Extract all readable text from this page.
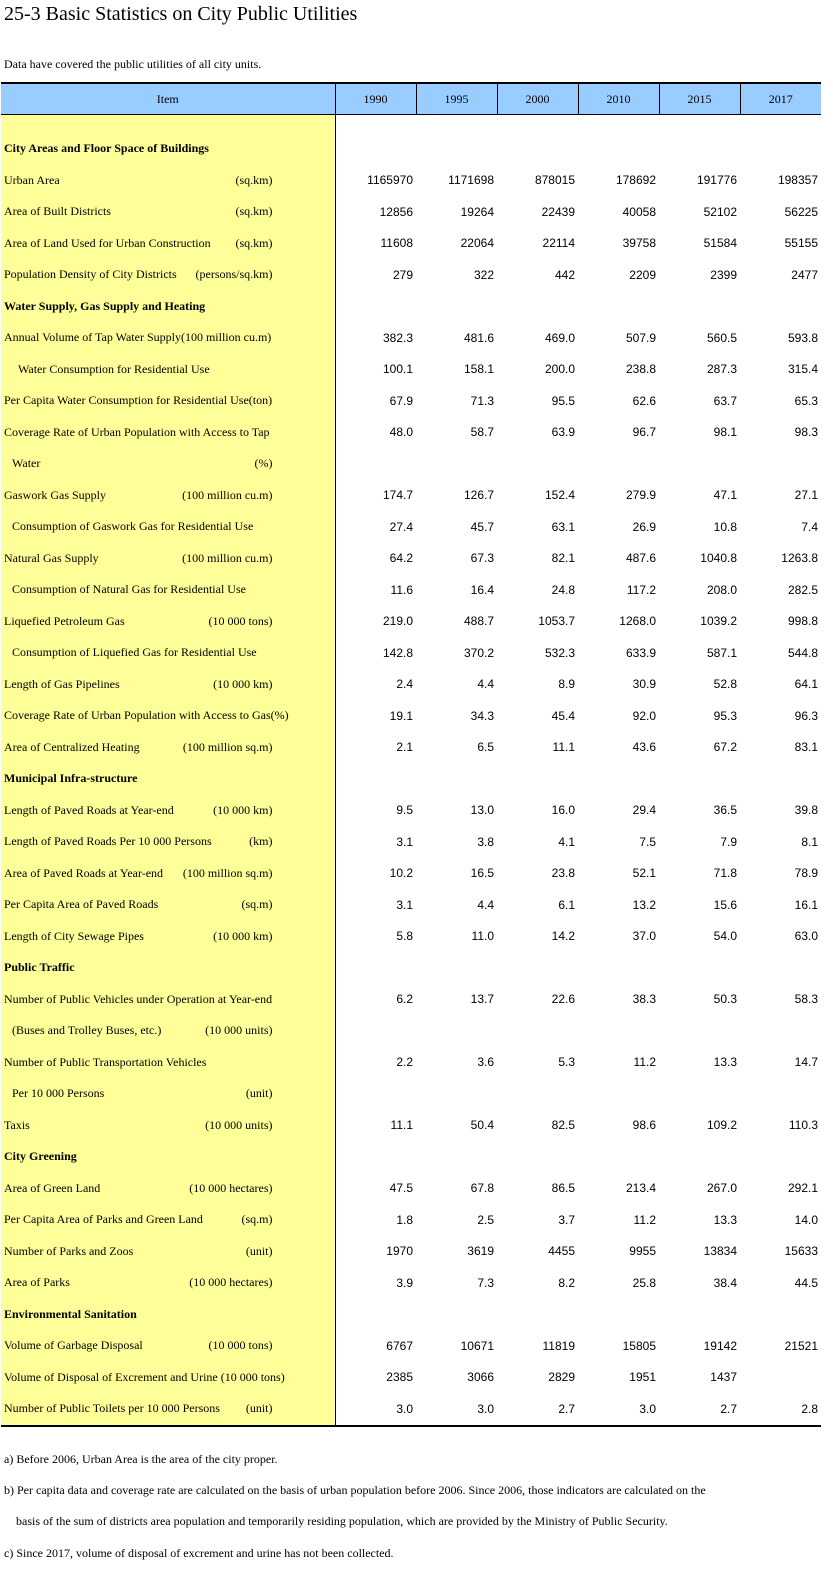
25-3 Basic Statistics on City Public Utilities
Data have covered the public utilities of all city units.
Item	1990	1995	2000	2010	2015	2017

City Areas and Floor Space of Buildings						

Urban Area (sq.km)	1165970	1171698	878015	178692	191776	198357

Area of Built Districts (sq.km)	12856	19264	22439	40058	52102	56225

Area of Land Used for Urban Construction (sq.km)	11608	22064	22114	39758	51584	55155

Population Density of City Districts (persons/sq.km)	279	322	442	2209	2399	2477
Water Supply, Gas Supply and Heating						

Annual Volume of Tap Water Supply(100 million cu.m)	382.3	481.6	469.0	507.9	560.5	593.8

Water Consumption for Residential Use	100.1	158.1	200.0	238.8	287.3	315.4

Per Capita Water Consumption for Residential Use(ton)	67.9	71.3	95.5	62.6	63.7	65.3

Coverage Rate of Urban Population with Access to Tap	48.0	58.7	63.9	96.7	98.1	98.3

Water (%)						

Gaswork Gas Supply (100 million cu.m)	174.7	126.7	152.4	279.9	47.1	27.1

Consumption of Gaswork Gas for Residential Use	27.4	45.7	63.1	26.9	10.8	7.4

Natural Gas Supply (100 million cu.m)	64.2	67.3	82.1	487.6	1040.8	1263.8

Consumption of Natural Gas for Residential Use	11.6	16.4	24.8	117.2	208.0	282.5

Liquefied Petroleum Gas (10 000 tons)	219.0	488.7	1053.7	1268.0	1039.2	998.8

Consumption of Liquefied Gas for Residential Use	142.8	370.2	532.3	633.9	587.1	544.8

Length of Gas Pipelines (10 000 km)	2.4	4.4	8.9	30.9	52.8	64.1

Coverage Rate of Urban Population with Access to Gas(%)	19.1	34.3	45.4	92.0	95.3	96.3

Area of Centralized Heating (100 million sq.m)	2.1	6.5	11.1	43.6	67.2	83.1
Municipal Infra-structure						

Length of Paved Roads at Year-end (10 000 km)	9.5	13.0	16.0	29.4	36.5	39.8

Length of Paved Roads Per 10 000 Persons (km)	3.1	3.8	4.1	7.5	7.9	8.1

Area of Paved Roads at Year-end (100 million sq.m)	10.2	16.5	23.8	52.1	71.8	78.9

Per Capita Area of Paved Roads (sq.m)	3.1	4.4	6.1	13.2	15.6	16.1

Length of City Sewage Pipes (10 000 km)	5.8	11.0	14.2	37.0	54.0	63.0
Public Traffic						

Number of Public Vehicles under Operation at Year-end	6.2	13.7	22.6	38.3	50.3	58.3

(Buses and Trolley Buses, etc.) (10 000 units)						

Number of Public Transportation Vehicles	2.2	3.6	5.3	11.2	13.3	14.7

Per 10 000 Persons (unit)						

Taxis (10 000 units)	11.1	50.4	82.5	98.6	109.2	110.3
City Greening						

Area of Green Land (10 000 hectares)	47.5	67.8	86.5	213.4	267.0	292.1

Per Capita Area of Parks and Green Land (sq.m)	1.8	2.5	3.7	11.2	13.3	14.0

Number of Parks and Zoos (unit)	1970	3619	4455	9955	13834	15633

Area of Parks (10 000 hectares)	3.9	7.3	8.2	25.8	38.4	44.5
Environmental Sanitation						

Volume of Garbage Disposal (10 000 tons)	6767	10671	11819	15805	19142	21521

Volume of Disposal of Excrement and Urine (10 000 tons)	2385	3066	2829	1951	1437	

Number of Public Toilets per 10 000 Persons (unit)	3.0	3.0	2.7	3.0	2.7	2.8
a) Before 2006, Urban Area is the area of the city proper.
b) Per capita data and coverage rate are calculated on the basis of urban population before 2006. Since 2006, those indicators are calculated on the
basis of the sum of districts area population and temporarily residing population, which are provided by the Ministry of Public Security.
c) Since 2017, volume of disposal of excrement and urine has not been collected.
